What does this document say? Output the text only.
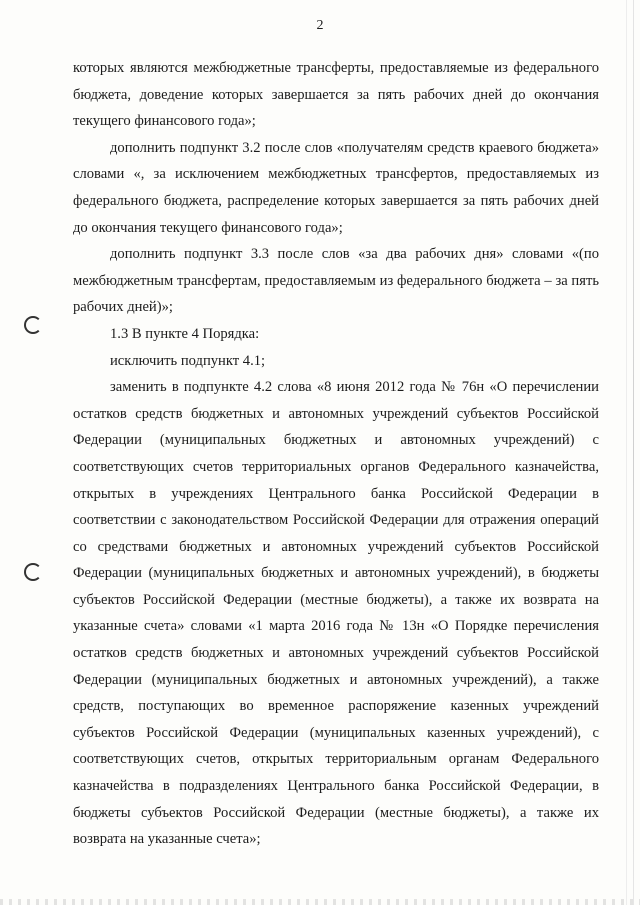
2

которых являются межбюджетные трансферты, предоставляемые из федерального бюджета, доведение которых завершается за пять рабочих дней до окончания текущего финансового года»;

дополнить подпункт 3.2 после слов «получателям средств краевого бюджета» словами «, за исключением межбюджетных трансфертов, предоставляемых из федерального бюджета, распределение которых завершается за пять рабочих дней до окончания текущего финансового года»;

дополнить подпункт 3.3 после слов «за два рабочих дня» словами «(по межбюджетным трансфертам, предоставляемым из федерального бюджета – за пять рабочих дней)»;

1.3 В пункте 4 Порядка:

исключить подпункт 4.1;

заменить в подпункте 4.2 слова «8 июня 2012 года № 76н «О перечислении остатков средств бюджетных и автономных учреждений субъектов Российской Федерации (муниципальных бюджетных и автономных учреждений) с соответствующих счетов территориальных органов Федерального казначейства, открытых в учреждениях Центрального банка Российской Федерации в соответствии с законодательством Российской Федерации для отражения операций со средствами бюджетных и автономных учреждений субъектов Российской Федерации (муниципальных бюджетных и автономных учреждений), в бюджеты субъектов Российской Федерации (местные бюджеты), а также их возврата на указанные счета» словами «1 марта 2016 года № 13н «О Порядке перечисления остатков средств бюджетных и автономных учреждений субъектов Российской Федерации (муниципальных бюджетных и автономных учреждений), а также средств, поступающих во временное распоряжение казенных учреждений субъектов Российской Федерации (муниципальных казенных учреждений), с соответствующих счетов, открытых территориальным органам Федерального казначейства в подразделениях Центрального банка Российской Федерации, в бюджеты субъектов Российской Федерации (местные бюджеты), а также их возврата на указанные счета»;
